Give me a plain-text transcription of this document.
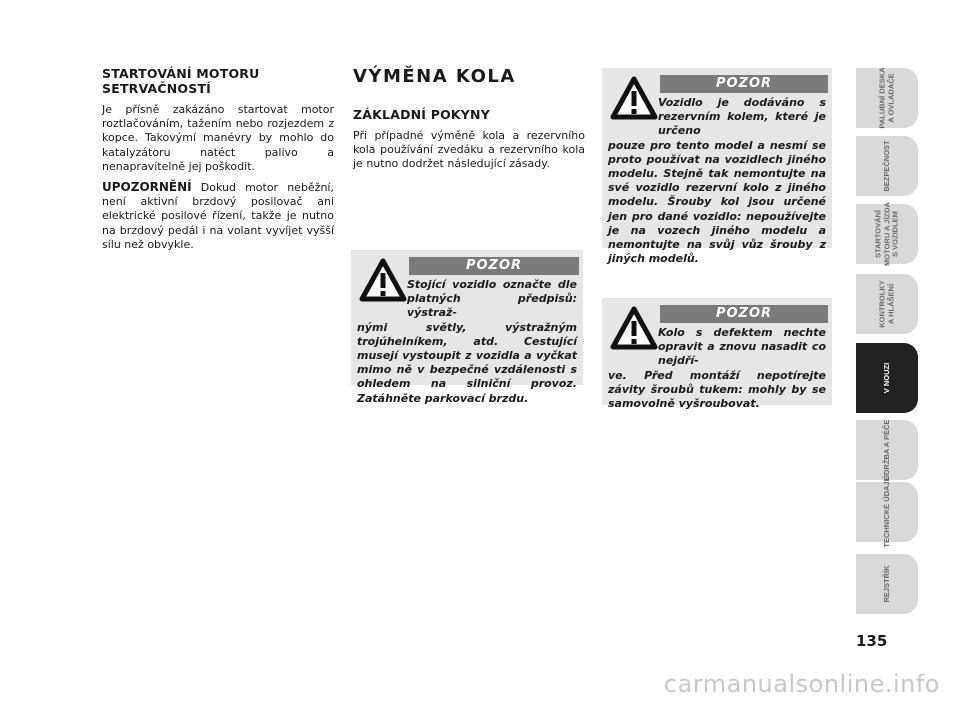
STARTOVÁNÍ MOTORU SETRVAČNOSTÍ

Je přísně zakázáno startovat motor roztlačováním, tažením nebo rozjezdem z kopce. Takovýmí manévry by mohlo do katalyzátoru natéct palivo a nenapravitelně jej poškodit.

UPOZORNĚNÍ Dokud motor neběžní, není aktivní brzdový posilovač ani elektrické posilové řízení, takže je nutno na brzdový pedál i na volant vyvíjet vyšší sílu než obvykle.

VÝMĚNA KOLA
ZÁKLADNÍ POKYNY

Při případné výměně kola a rezervního kola používání zvedáku a rezervního kola je nutno dodržet následující zásady.

POZOR
Stojící vozidlo označte dle platných předpisů: výstraž-
nými světly, výstražným trojúhelníkem, atd. Cestující musejí vystoupit z vozidla a vyčkat mimo ně v bezpečné vzdálenosti s ohledem na silniční provoz. Zatáhněte parkovací brzdu.
POZOR
Vozidlo je dodáváno s rezervním kolem, které je určeno
pouze pro tento model a nesmí se proto používat na vozidlech jiného modelu. Stejně tak nemontujte na své vozidlo rezervní kolo z jiného modelu. Šrouby kol jsou určené jen pro dané vozidlo: nepoužívejte je na vozech jiného modelu a nemontujte na svůj vůz šrouby z jiných modelů.
POZOR
Kolo s defektem nechte opravit a znovu nasadit co nejdří-
ve. Před montáží nepotírejte závity šroubů tukem: mohly by se samovolně vyšroubovat.
PALUBNÍ DESKA
A OVLADAČE
BEZPEČNOST
STARTOVÁNÍ
MOTORU A JÍZDA
S VOZIDLEM
KONTROLKY
A HLÁŠENÍ
V NOUZI
ÚDRŽBA A PÉČE
TECHNICKÉ ÚDAJE
REJSTŘÍK
135
carmanualsonline.info
